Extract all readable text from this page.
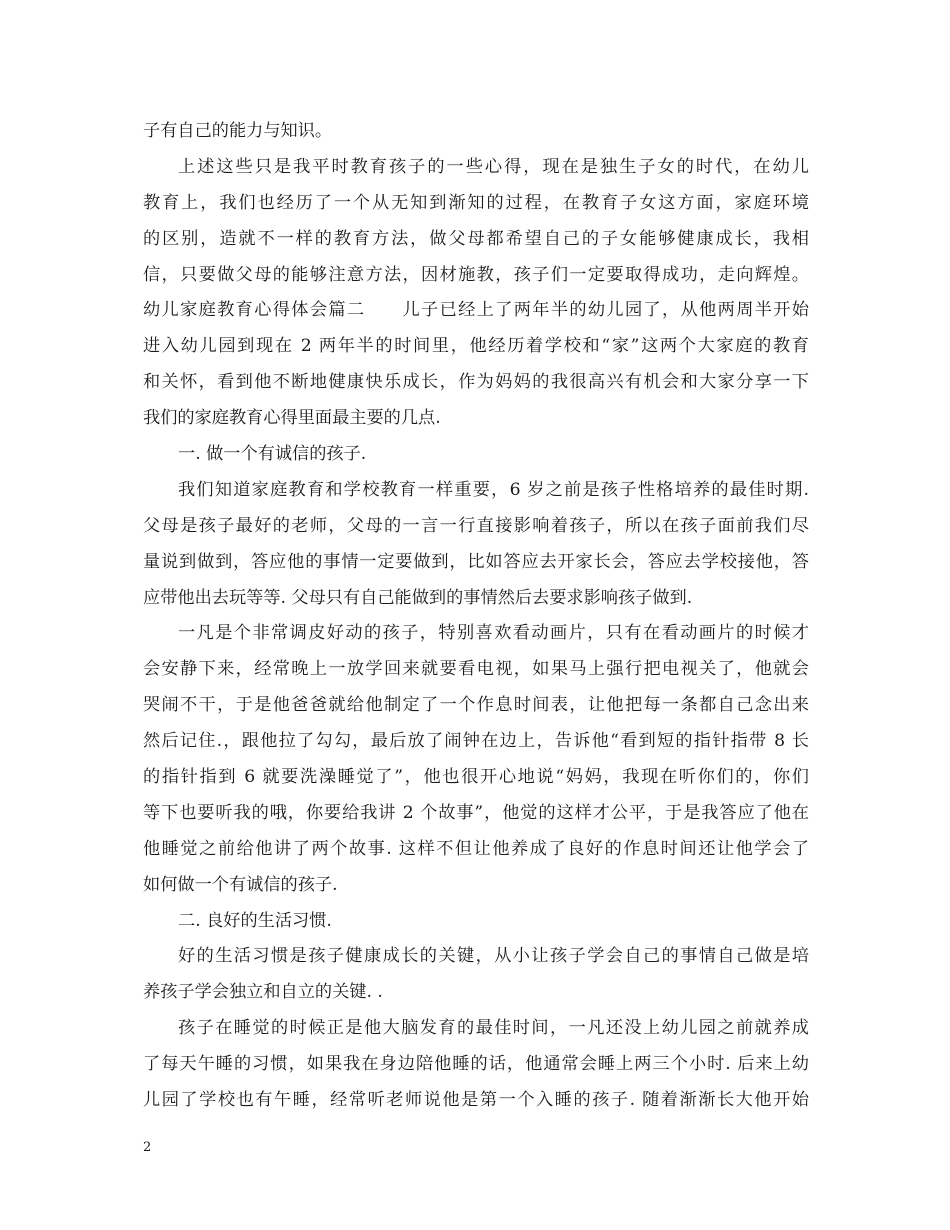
子有自己的能力与知识。
上述这些只是我平时教育孩子的一些心得，现在是独生子女的时代，在幼儿
教育上，我们也经历了一个从无知到渐知的过程，在教育子女这方面，家庭环境
的区别，造就不一样的教育方法，做父母都希望自己的子女能够健康成长，我相
信，只要做父母的能够注意方法，因材施教，孩子们一定要取得成功，走向辉煌。
幼儿家庭教育心得体会篇二　　儿子已经上了两年半的幼儿园了，从他两周半开始
进入幼儿园到现在 2 两年半的时间里，他经历着学校和“家”这两个大家庭的教育
和关怀，看到他不断地健康快乐成长，作为妈妈的我很高兴有机会和大家分享一下
我们的家庭教育心得里面最主要的几点.
一. 做一个有诚信的孩子.
我们知道家庭教育和学校教育一样重要，6 岁之前是孩子性格培养的最佳时期.
父母是孩子最好的老师，父母的一言一行直接影响着孩子，所以在孩子面前我们尽
量说到做到，答应他的事情一定要做到，比如答应去开家长会，答应去学校接他，答
应带他出去玩等等. 父母只有自己能做到的事情然后去要求影响孩子做到.
一凡是个非常调皮好动的孩子，特别喜欢看动画片，只有在看动画片的时候才
会安静下来，经常晚上一放学回来就要看电视，如果马上强行把电视关了，他就会
哭闹不干，于是他爸爸就给他制定了一个作息时间表，让他把每一条都自己念出来
然后记住.，跟他拉了勾勾，最后放了闹钟在边上，告诉他“看到短的指针指带 8 长
的指针指到 6 就要洗澡睡觉了”，他也很开心地说“妈妈，我现在听你们的，你们
等下也要听我的哦，你要给我讲 2 个故事”，他觉的这样才公平，于是我答应了他在
他睡觉之前给他讲了两个故事. 这样不但让他养成了良好的作息时间还让他学会了
如何做一个有诚信的孩子.
二. 良好的生活习惯.
好的生活习惯是孩子健康成长的关键，从小让孩子学会自己的事情自己做是培
养孩子学会独立和自立的关键. .
孩子在睡觉的时候正是他大脑发育的最佳时间，一凡还没上幼儿园之前就养成
了每天午睡的习惯，如果我在身边陪他睡的话，他通常会睡上两三个小时. 后来上幼
儿园了学校也有午睡，经常听老师说他是第一个入睡的孩子. 随着渐渐长大他开始
2
